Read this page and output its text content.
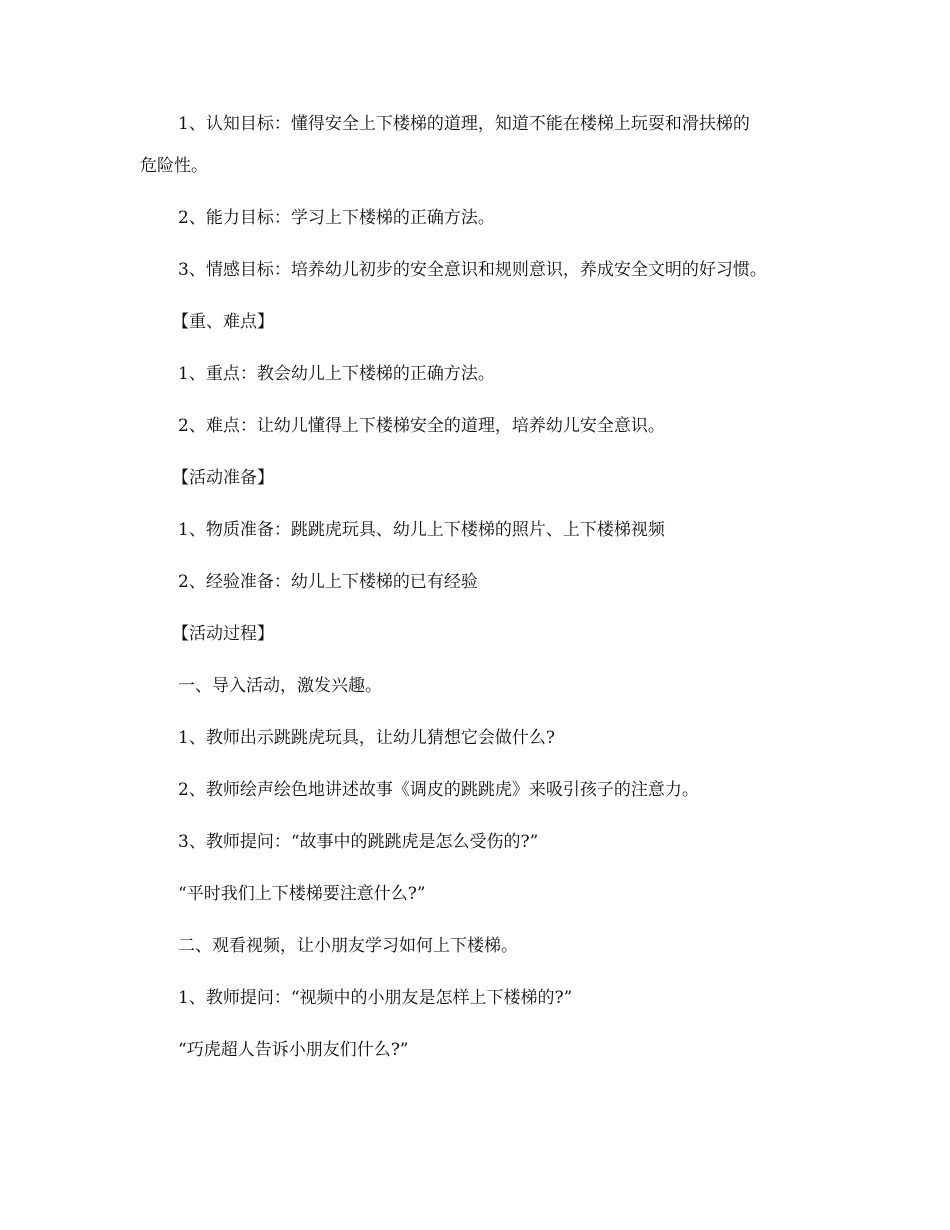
1、认知目标：懂得安全上下楼梯的道理，知道不能在楼梯上玩耍和滑扶梯的
危险性。
2、能力目标：学习上下楼梯的正确方法。
3、情感目标：培养幼儿初步的安全意识和规则意识，养成安全文明的好习惯。
【重、难点】
1、重点：教会幼儿上下楼梯的正确方法。
2、难点：让幼儿懂得上下楼梯安全的道理，培养幼儿安全意识。
【活动准备】
1、物质准备：跳跳虎玩具、幼儿上下楼梯的照片、上下楼梯视频
2、经验准备：幼儿上下楼梯的已有经验
【活动过程】
一、导入活动，激发兴趣。
1、教师出示跳跳虎玩具，让幼儿猜想它会做什么?
2、教师绘声绘色地讲述故事《调皮的跳跳虎》来吸引孩子的注意力。
3、教师提问：“故事中的跳跳虎是怎么受伤的?”
“平时我们上下楼梯要注意什么?”
二、观看视频，让小朋友学习如何上下楼梯。
1、教师提问：“视频中的小朋友是怎样上下楼梯的?”
“巧虎超人告诉小朋友们什么?”
